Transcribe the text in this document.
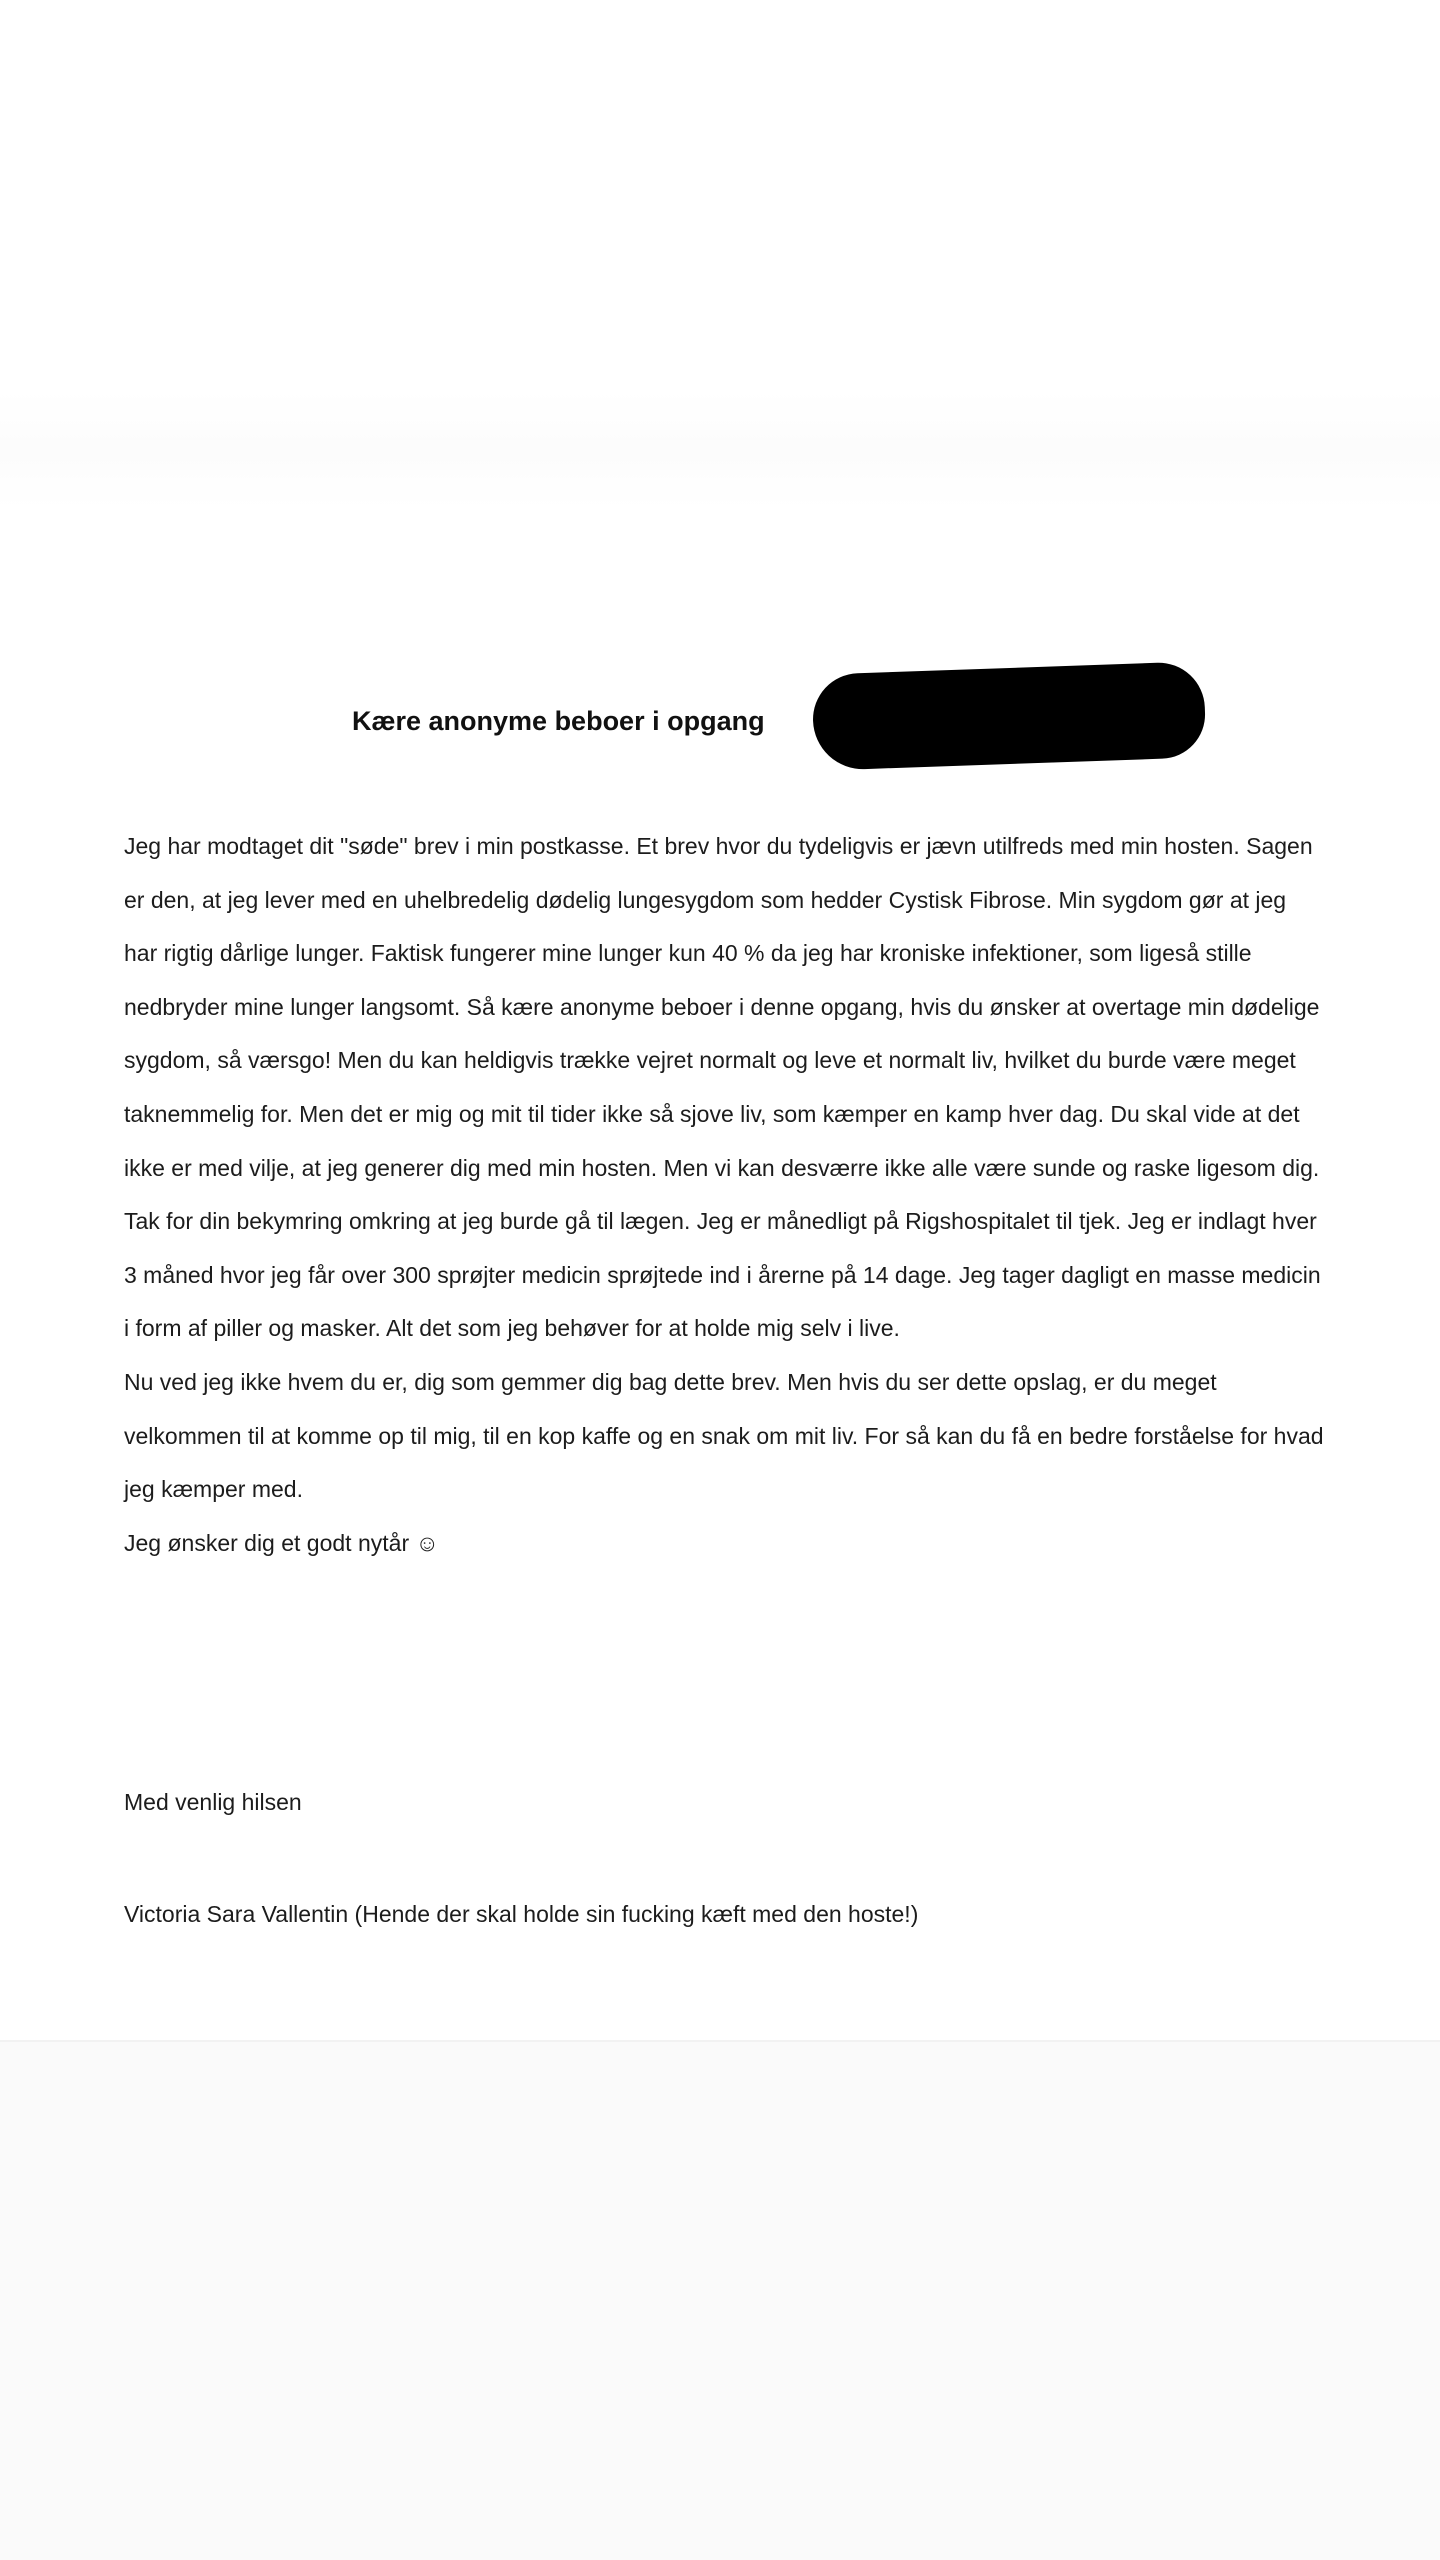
Kære anonyme beboer i opgang

Jeg har modtaget dit "søde" brev i min postkasse. Et brev hvor du tydeligvis er jævn utilfreds med min hosten. Sagen er den, at jeg lever med en uhelbredelig dødelig lungesygdom som hedder Cystisk Fibrose. Min sygdom gør at jeg har rigtig dårlige lunger. Faktisk fungerer mine lunger kun 40 % da jeg har kroniske infektioner, som ligeså stille nedbryder mine lunger langsomt. Så kære anonyme beboer i denne opgang, hvis du ønsker at overtage min dødelige sygdom, så værsgo! Men du kan heldigvis trække vejret normalt og leve et normalt liv, hvilket du burde være meget taknemmelig for. Men det er mig og mit til tider ikke så sjove liv, som kæmper en kamp hver dag. Du skal vide at det ikke er med vilje, at jeg generer dig med min hosten. Men vi kan desværre ikke alle være sunde og raske ligesom dig.

Tak for din bekymring omkring at jeg burde gå til lægen. Jeg er månedligt på Rigshospitalet til tjek. Jeg er indlagt hver 3 måned hvor jeg får over 300 sprøjter medicin sprøjtede ind i årerne på 14 dage. Jeg tager dagligt en masse medicin i form af piller og masker. Alt det som jeg behøver for at holde mig selv i live.

Nu ved jeg ikke hvem du er, dig som gemmer dig bag dette brev. Men hvis du ser dette opslag, er du meget velkommen til at komme op til mig, til en kop kaffe og en snak om mit liv. For så kan du få en bedre forståelse for hvad jeg kæmper med.

Jeg ønsker dig et godt nytår ☺

Med venlig hilsen
Victoria Sara Vallentin (Hende der skal holde sin fucking kæft med den hoste!)
